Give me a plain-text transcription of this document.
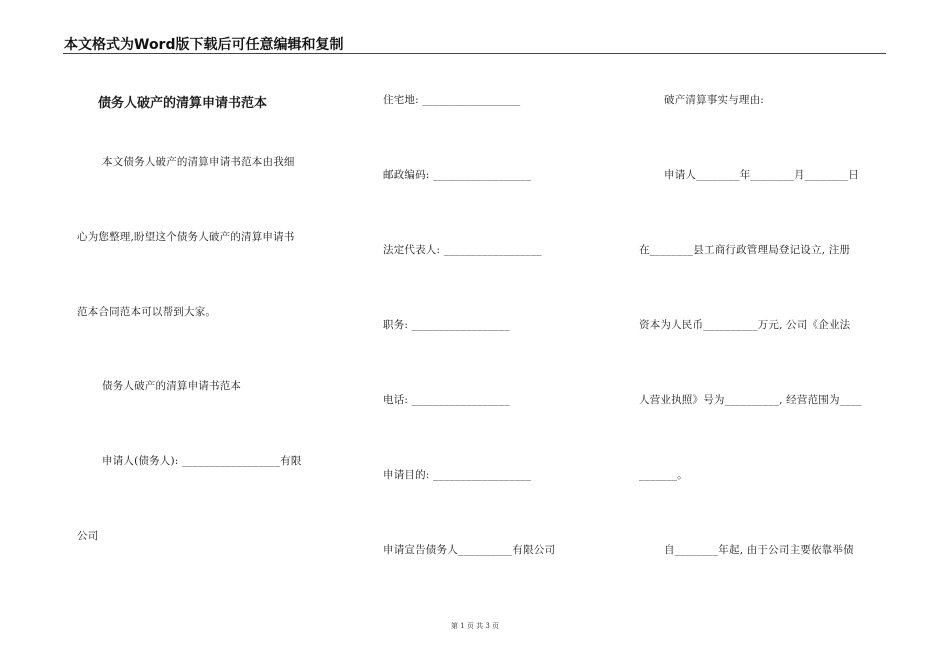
本文格式为Word版下载后可任意编辑和复制
债务人破产的清算申请书范本
本文债务人破产的清算申请书范本由我细
心为您整理,盼望这个债务人破产的清算申请书
范本合同范本可以帮到大家。
债务人破产的清算申请书范本
申请人(债务人): __________________有限
公司
住宅地: __________________
邮政编码: __________________
法定代表人: __________________
职务: __________________
电话: __________________
申请目的: __________________
申请宣告债务人__________有限公司
破产清算事实与理由:
申请人________年________月________日
在________县工商行政管理局登记设立, 注册
资本为人民币__________万元, 公司《企业法
人营业执照》号为__________, 经营范围为____
_______。
自________年起, 由于公司主要依靠举债
第 1 页 共 3 页
